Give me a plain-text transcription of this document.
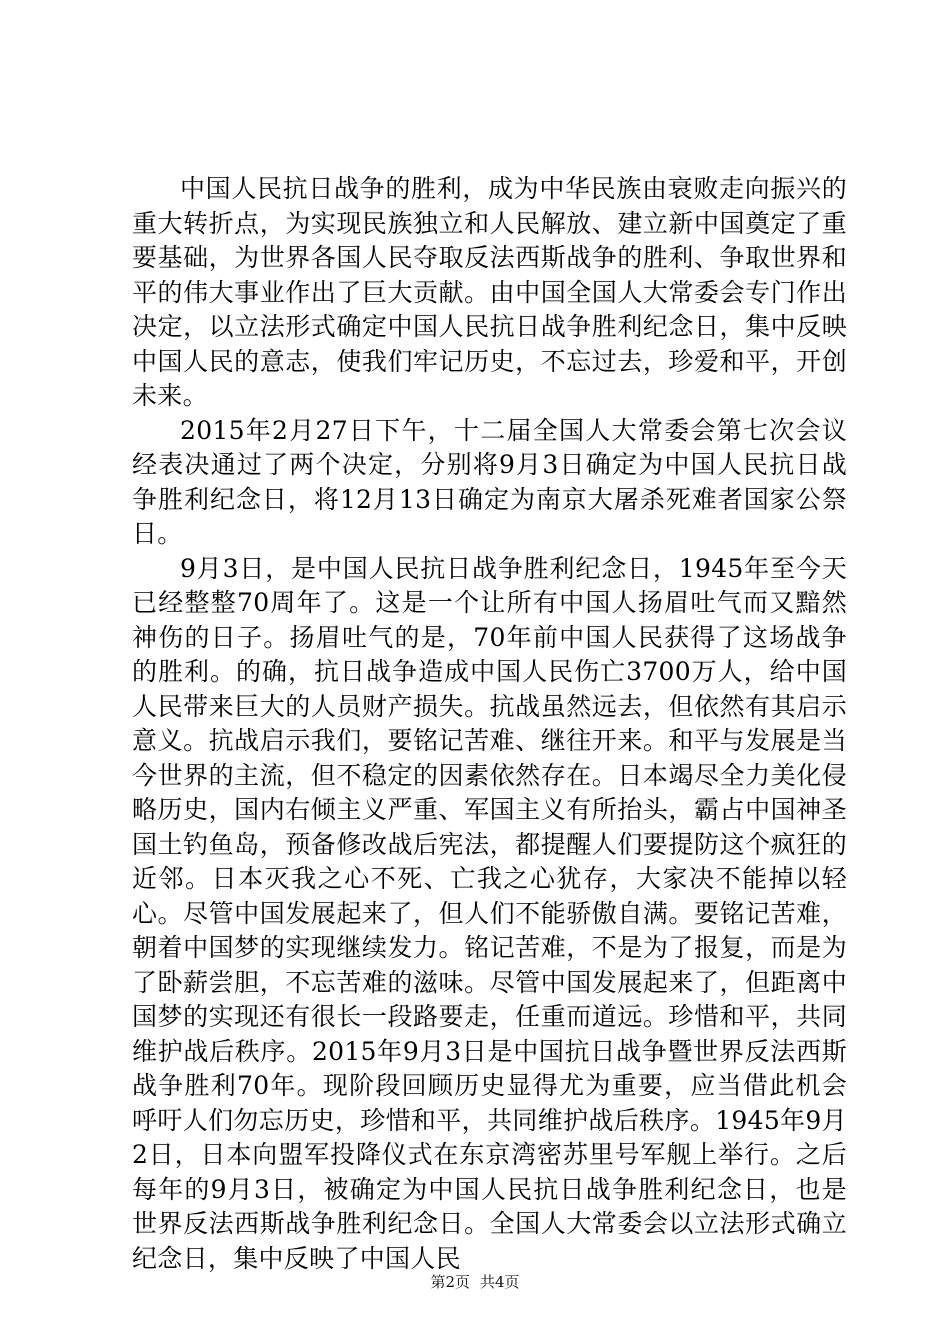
中国人民抗日战争的胜利，成为中华民族由衰败走向振兴的重大转折点，为实现民族独立和人民解放、建立新中国奠定了重要基础，为世界各国人民夺取反法西斯战争的胜利、争取世界和平的伟大事业作出了巨大贡献。由中国全国人大常委会专门作出决定，以立法形式确定中国人民抗日战争胜利纪念日，集中反映中国人民的意志，使我们牢记历史，不忘过去，珍爱和平，开创未来。

2015年2月27日下午，十二届全国人大常委会第七次会议经表决通过了两个决定，分别将9月3日确定为中国人民抗日战争胜利纪念日，将12月13日确定为南京大屠杀死难者国家公祭日。

9月3日，是中国人民抗日战争胜利纪念日，1945年至今天已经整整70周年了。这是一个让所有中国人扬眉吐气而又黯然神伤的日子。扬眉吐气的是，70年前中国人民获得了这场战争的胜利。的确，抗日战争造成中国人民伤亡3700万人，给中国人民带来巨大的人员财产损失。抗战虽然远去，但依然有其启示意义。抗战启示我们，要铭记苦难、继往开来。和平与发展是当今世界的主流，但不稳定的因素依然存在。日本竭尽全力美化侵略历史，国内右倾主义严重、军国主义有所抬头，霸占中国神圣国土钓鱼岛，预备修改战后宪法，都提醒人们要提防这个疯狂的近邻。日本灭我之心不死、亡我之心犹存，大家决不能掉以轻心。尽管中国发展起来了，但人们不能骄傲自满。要铭记苦难，朝着中国梦的实现继续发力。铭记苦难，不是为了报复，而是为了卧薪尝胆，不忘苦难的滋味。尽管中国发展起来了，但距离中国梦的实现还有很长一段路要走，任重而道远。珍惜和平，共同维护战后秩序。2015年9月3日是中国抗日战争暨世界反法西斯战争胜利70年。现阶段回顾历史显得尤为重要，应当借此机会呼吁人们勿忘历史，珍惜和平，共同维护战后秩序。1945年9月2日，日本向盟军投降仪式在东京湾密苏里号军舰上举行。之后每年的9月3日，被确定为中国人民抗日战争胜利纪念日，也是世界反法西斯战争胜利纪念日。全国人大常委会以立法形式确立纪念日，集中反映了中国人民

第2页 共4页
